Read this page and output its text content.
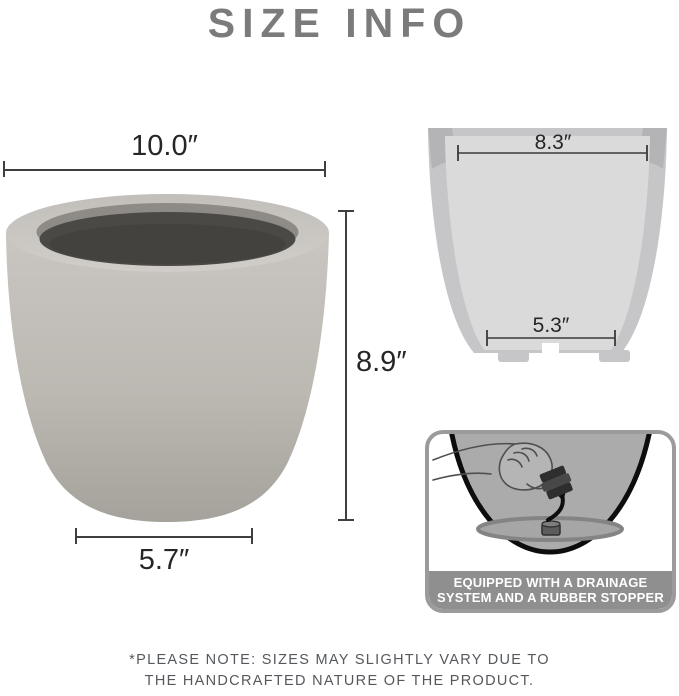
SIZE INFO
10.0″
8.9″
5.7″
8.3″
5.3″
EQUIPPED WITH A DRAINAGE
SYSTEM AND A RUBBER STOPPER
*PLEASE NOTE: SIZES MAY SLIGHTLY VARY DUE TO
THE HANDCRAFTED NATURE OF THE PRODUCT.
